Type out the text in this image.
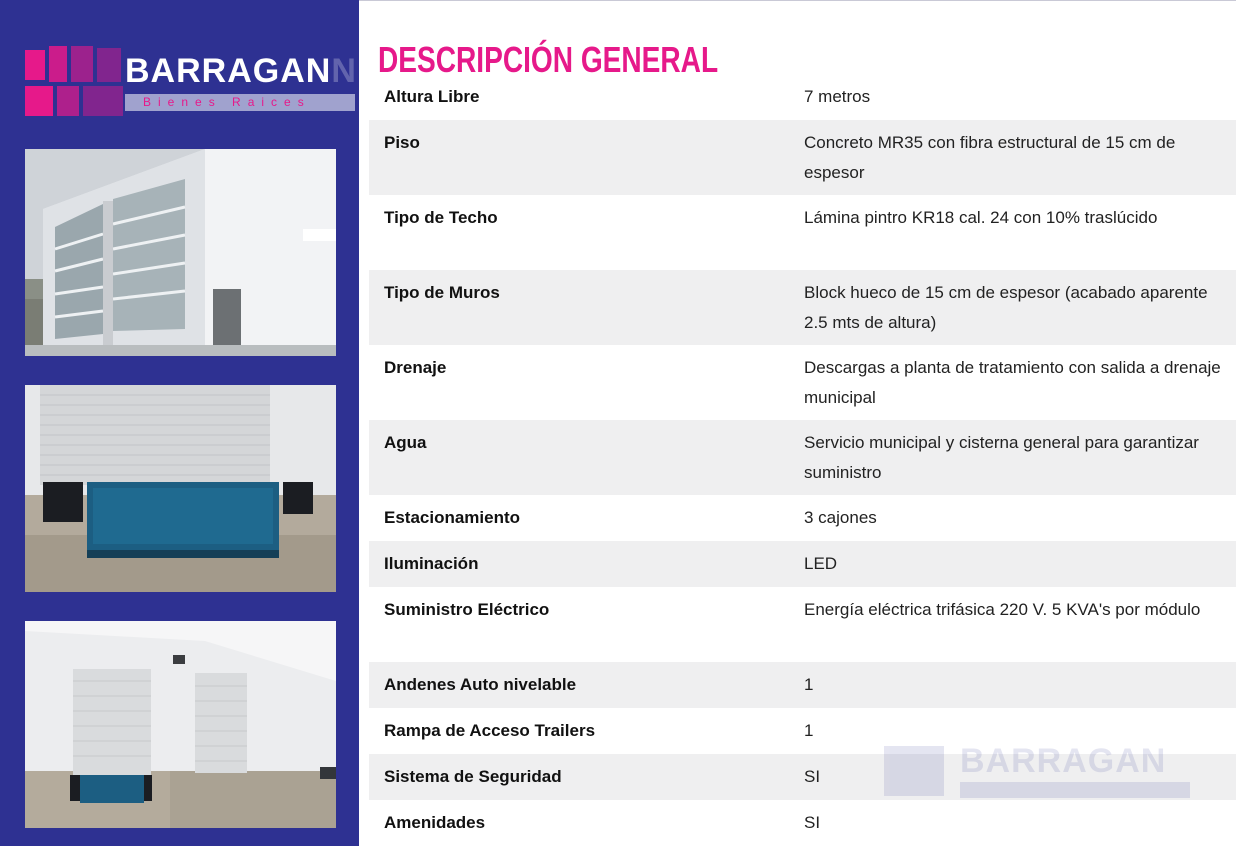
BARRAGANN
Bienes Raices
DESCRIPCIÓN GENERAL
Altura Libre	7 metros
Piso	Concreto MR35 con fibra estructural de 15 cm de espesor
Tipo de Techo	Lámina pintro KR18 cal. 24 con 10% traslúcido
Tipo de Muros	Block hueco de 15 cm de espesor (acabado aparente 2.5 mts de altura)
Drenaje	Descargas a planta de tratamiento con salida a drenaje municipal
Agua	Servicio municipal y cisterna general para garantizar suministro
Estacionamiento	3 cajones
Iluminación	LED
Suministro Eléctrico	Energía eléctrica trifásica 220 V. 5 KVA's por módulo
Andenes Auto nivelable	1
Rampa de Acceso Trailers	1
Sistema de Seguridad	SI
Amenidades	SI
